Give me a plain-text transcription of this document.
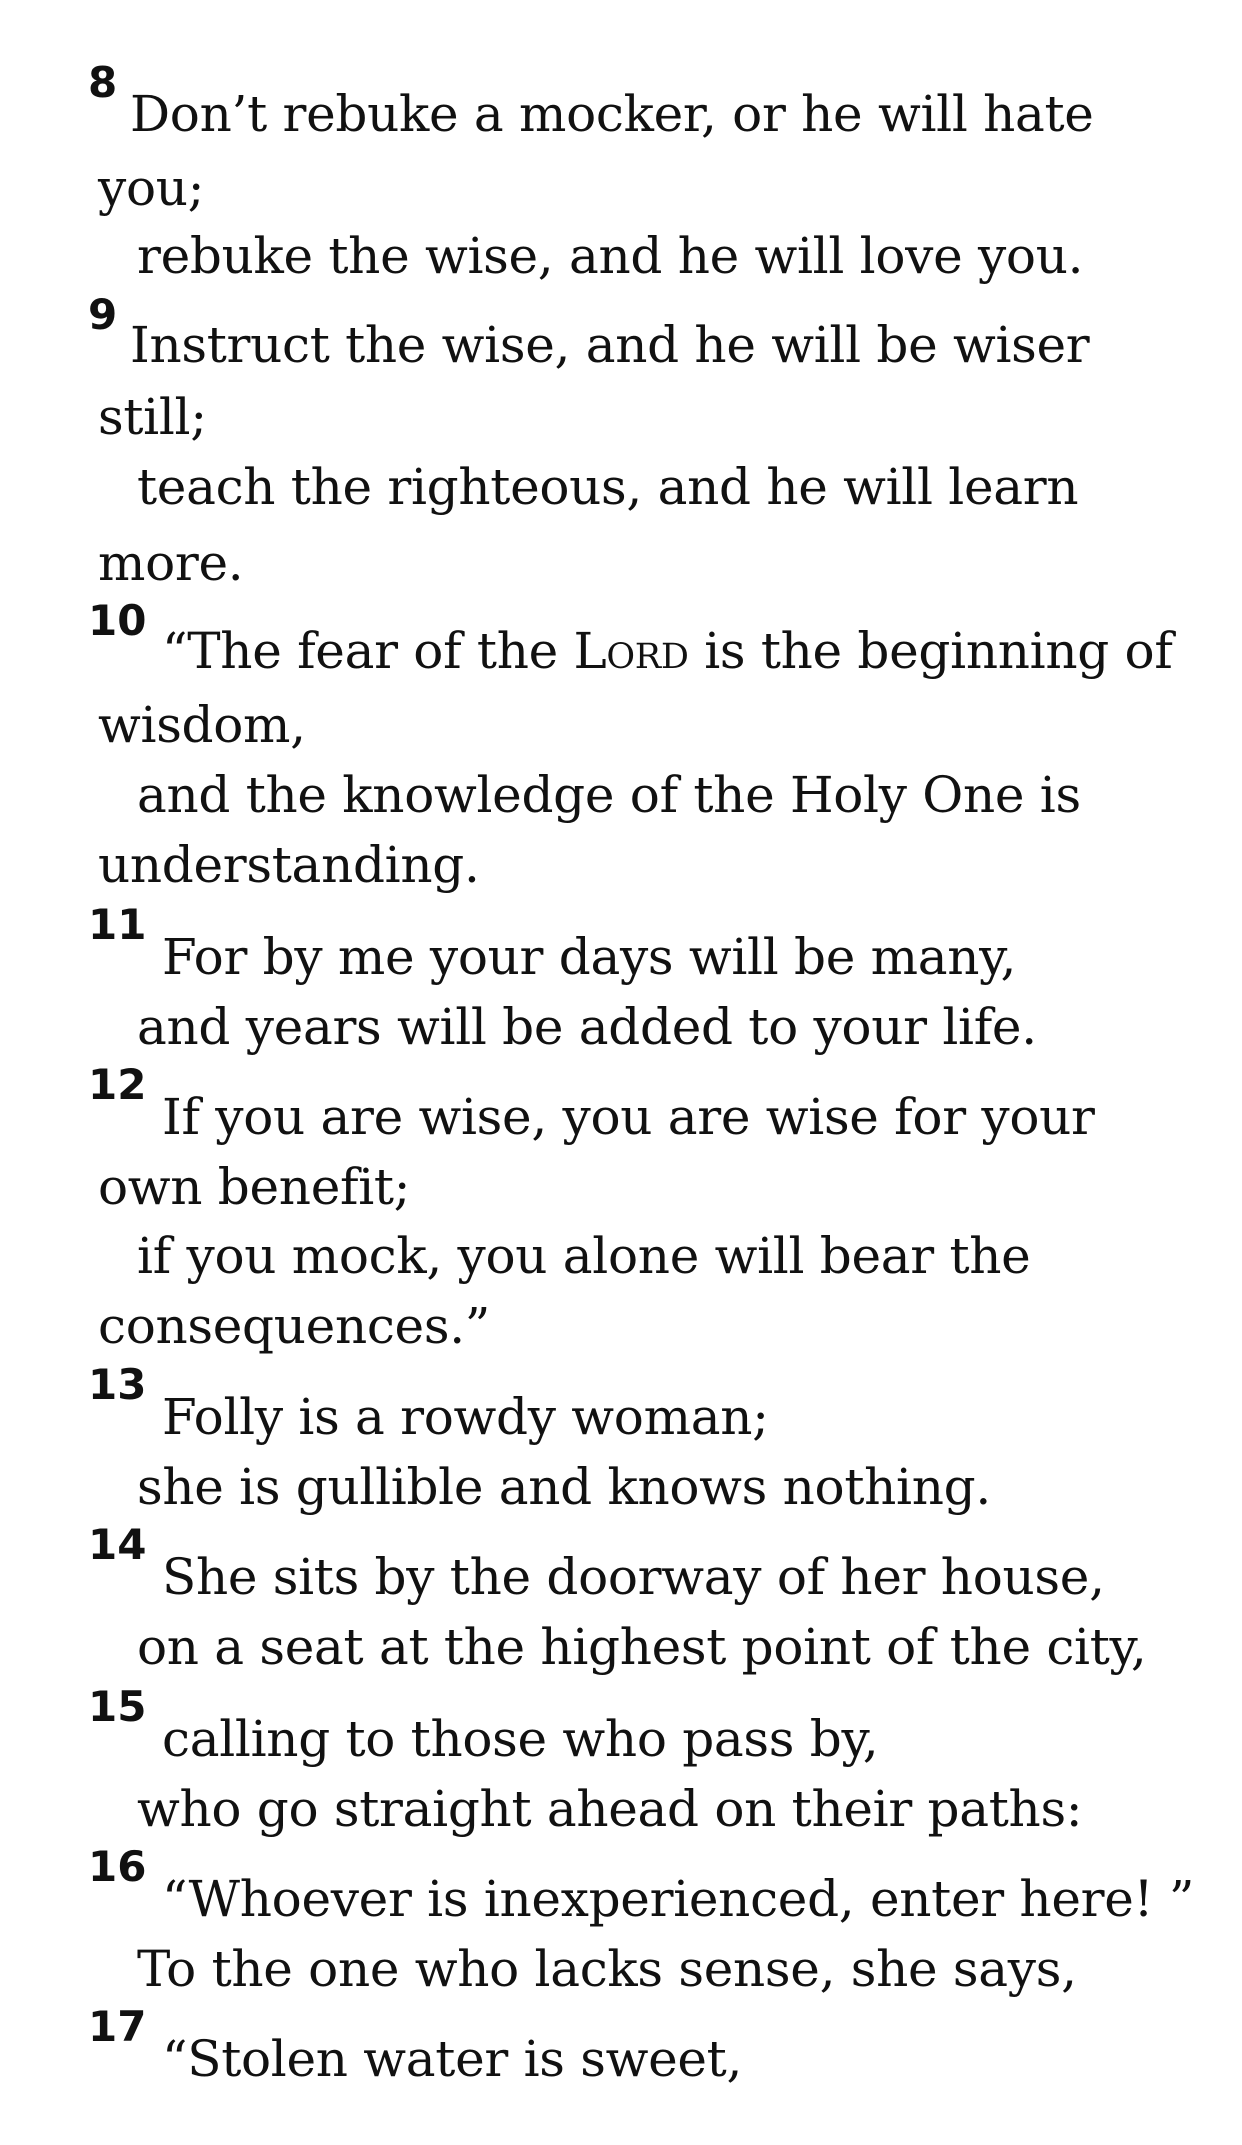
8
Don’t rebuke a mocker, or he will hate
you;
rebuke the wise, and he will love you.
9
Instruct the wise, and he will be wiser
still;
teach the righteous, and he will learn
more.
10
“The fear of the Lord is the beginning of
wisdom,
and the knowledge of the Holy One is
understanding.
11
For by me your days will be many,
and years will be added to your life.
12
If you are wise, you are wise for your
own benefit;
if you mock, you alone will bear the
consequences.”
13
Folly is a rowdy woman;
she is gullible and knows nothing.
14
She sits by the doorway of her house,
on a seat at the highest point of the city,
15
calling to those who pass by,
who go straight ahead on their paths:
16
“Whoever is inexperienced, enter here! ”
To the one who lacks sense, she says,
17
“Stolen water is sweet,
